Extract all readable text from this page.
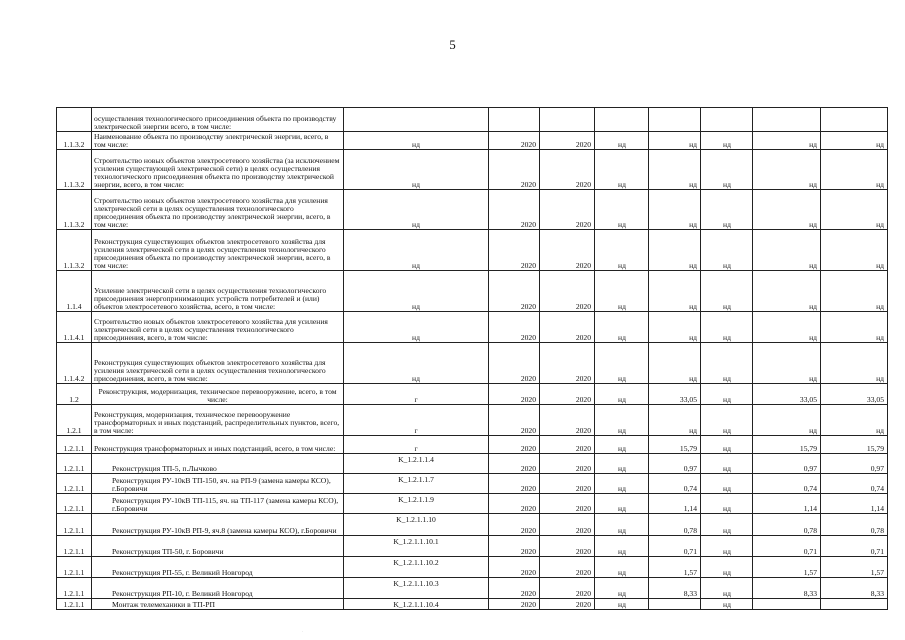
5
	осуществления технологического присоединения объекта по производству электрической энергии всего, в том числе:								
1.1.3.2	Наименование объекта по производству электрической энергии, всего, в том числе:	нд	2020	2020	нд	нд	нд	нд	нд
1.1.3.2	Строительство новых объектов электросетевого хозяйства (за исключением усиления существующей электрической сети) в целях осуществления технологического присоединения объекта по производству электрической энергии, всего, в том числе:	нд	2020	2020	нд	нд	нд	нд	нд
1.1.3.2	Строительство новых объектов электросетевого хозяйства для усиления электрической сети в целях осуществления технологического присоединения объекта по производству электрической энергии, всего, в том числе:	нд	2020	2020	нд	нд	нд	нд	нд
1.1.3.2	Реконструкция существующих объектов электросетевого хозяйства для усиления электрической сети в целях осуществления технологического присоединения объекта по производству электрической энергии, всего, в том числе:	нд	2020	2020	нд	нд	нд	нд	нд
1.1.4	Усиление электрической сети в целях осуществления технологического присоединения энергопринимающих устройств потребителей и (или) объектов электросетевого хозяйства, всего, в том числе:	нд	2020	2020	нд	нд	нд	нд	нд
1.1.4.1	Строительство новых объектов электросетевого хозяйства для усиления электрической сети в целях осуществления технологического присоединения, всего, в том числе:	нд	2020	2020	нд	нд	нд	нд	нд
1.1.4.2	Реконструкция существующих объектов электросетевого хозяйства для усиления электрической сети в целях осуществления технологического присоединения, всего, в том числе:	нд	2020	2020	нд	нд	нд	нд	нд
1.2	Реконструкция, модернизация, техническое перевооружение, всего, в том числе:	г	2020	2020	нд	33,05	нд	33,05	33,05
1.2.1	Реконструкция, модернизация, техническое перевооружение трансформаторных и иных подстанций, распределительных пунктов, всего, в том числе:	г	2020	2020	нд	нд	нд	нд	нд
1.2.1.1	Реконструкция трансформаторных и иных подстанций, всего, в том числе:	г	2020	2020	нд	15,79	нд	15,79	15,79
1.2.1.1	Реконструкция ТП-5, п.Лычково	K_1.2.1.1.4	2020	2020	нд	0,97	нд	0,97	0,97
1.2.1.1	Реконструкция РУ-10кВ ТП-150, яч. на РП-9 (замена камеры КСО), г.Боровичи	K_1.2.1.1.7	2020	2020	нд	0,74	нд	0,74	0,74
1.2.1.1	Реконструкция РУ-10кВ ТП-115, яч. на ТП-117 (замена камеры КСО), г.Боровичи	K_1.2.1.1.9	2020	2020	нд	1,14	нд	1,14	1,14
1.2.1.1	Реконструкция РУ-10кВ РП-9, яч.8 (замена камеры КСО), г.Боровичи	K_1.2.1.1.10	2020	2020	нд	0,78	нд	0,78	0,78
1.2.1.1	Реконструкция ТП-50, г. Боровичи	K_1.2.1.1.10.1	2020	2020	нд	0,71	нд	0,71	0,71
1.2.1.1	Реконструкция РП-55, г. Великий Новгород	K_1.2.1.1.10.2	2020	2020	нд	1,57	нд	1,57	1,57
1.2.1.1	Реконструкция РП-10, г. Великий Новгород	K_1.2.1.1.10.3	2020	2020	нд	8,33	нд	8,33	8,33
1.2.1.1	Монтаж телемеханики в ТП-РП	K_1.2.1.1.10.4	2020	2020	нд		нд		
.
